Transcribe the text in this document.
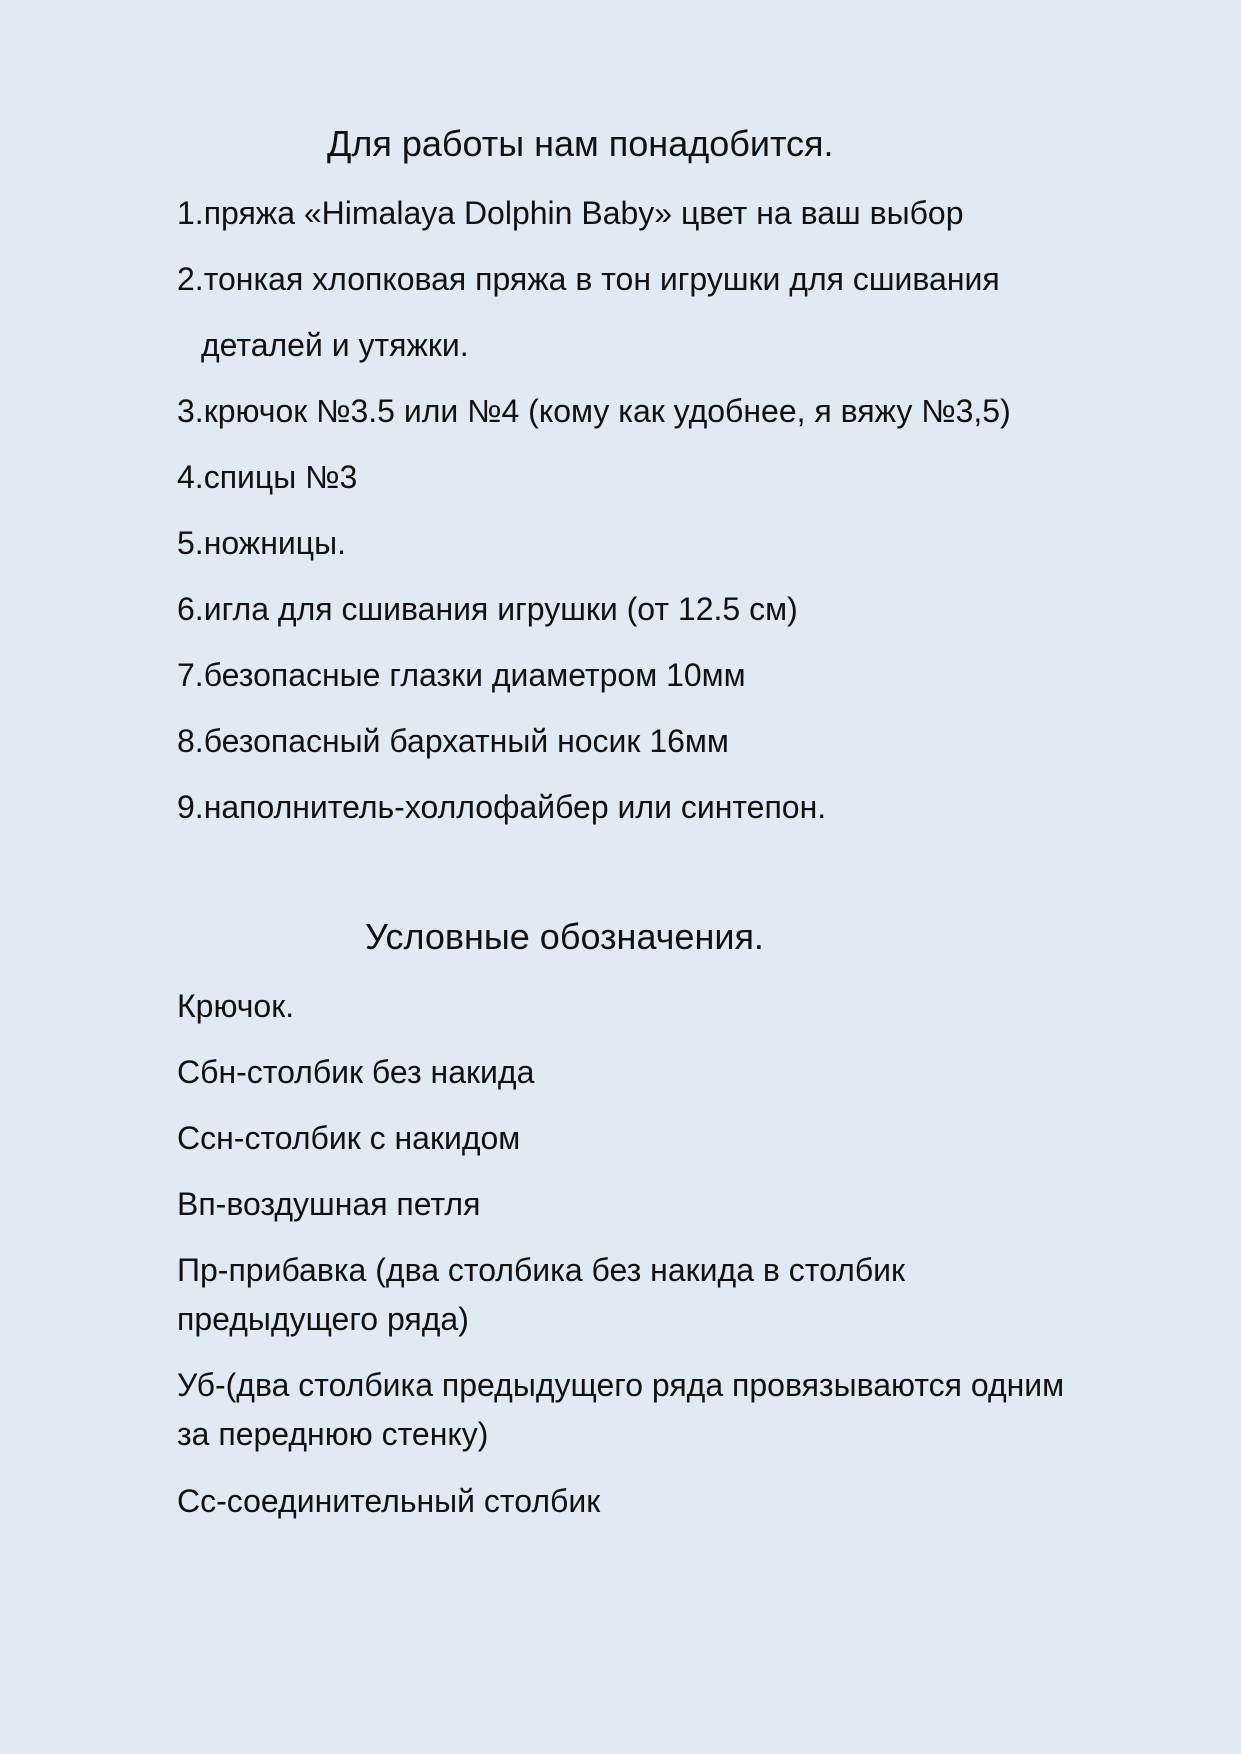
Для работы нам понадобится.
1.пряжа «Himalaya Dolphin Baby» цвет на ваш выбор
2.тонкая хлопковая пряжа в тон игрушки для сшивания
деталей и утяжки.
3.крючок №3.5 или №4 (кому как удобнее, я вяжу №3,5)
4.спицы №3
5.ножницы.
6.игла для сшивания игрушки (от 12.5 см)
7.безопасные глазки диаметром 10мм
8.безопасный бархатный носик 16мм
9.наполнитель-холлофайбер или синтепон.
Условные обозначения.
Крючок.
Сбн-столбик без накида
Ссн-столбик с накидом
Вп-воздушная петля
Пр-прибавка (два столбика без накида в столбик
предыдущего ряда)
Уб-(два столбика предыдущего ряда провязываются одним
за переднюю стенку)
Сс-соединительный столбик
